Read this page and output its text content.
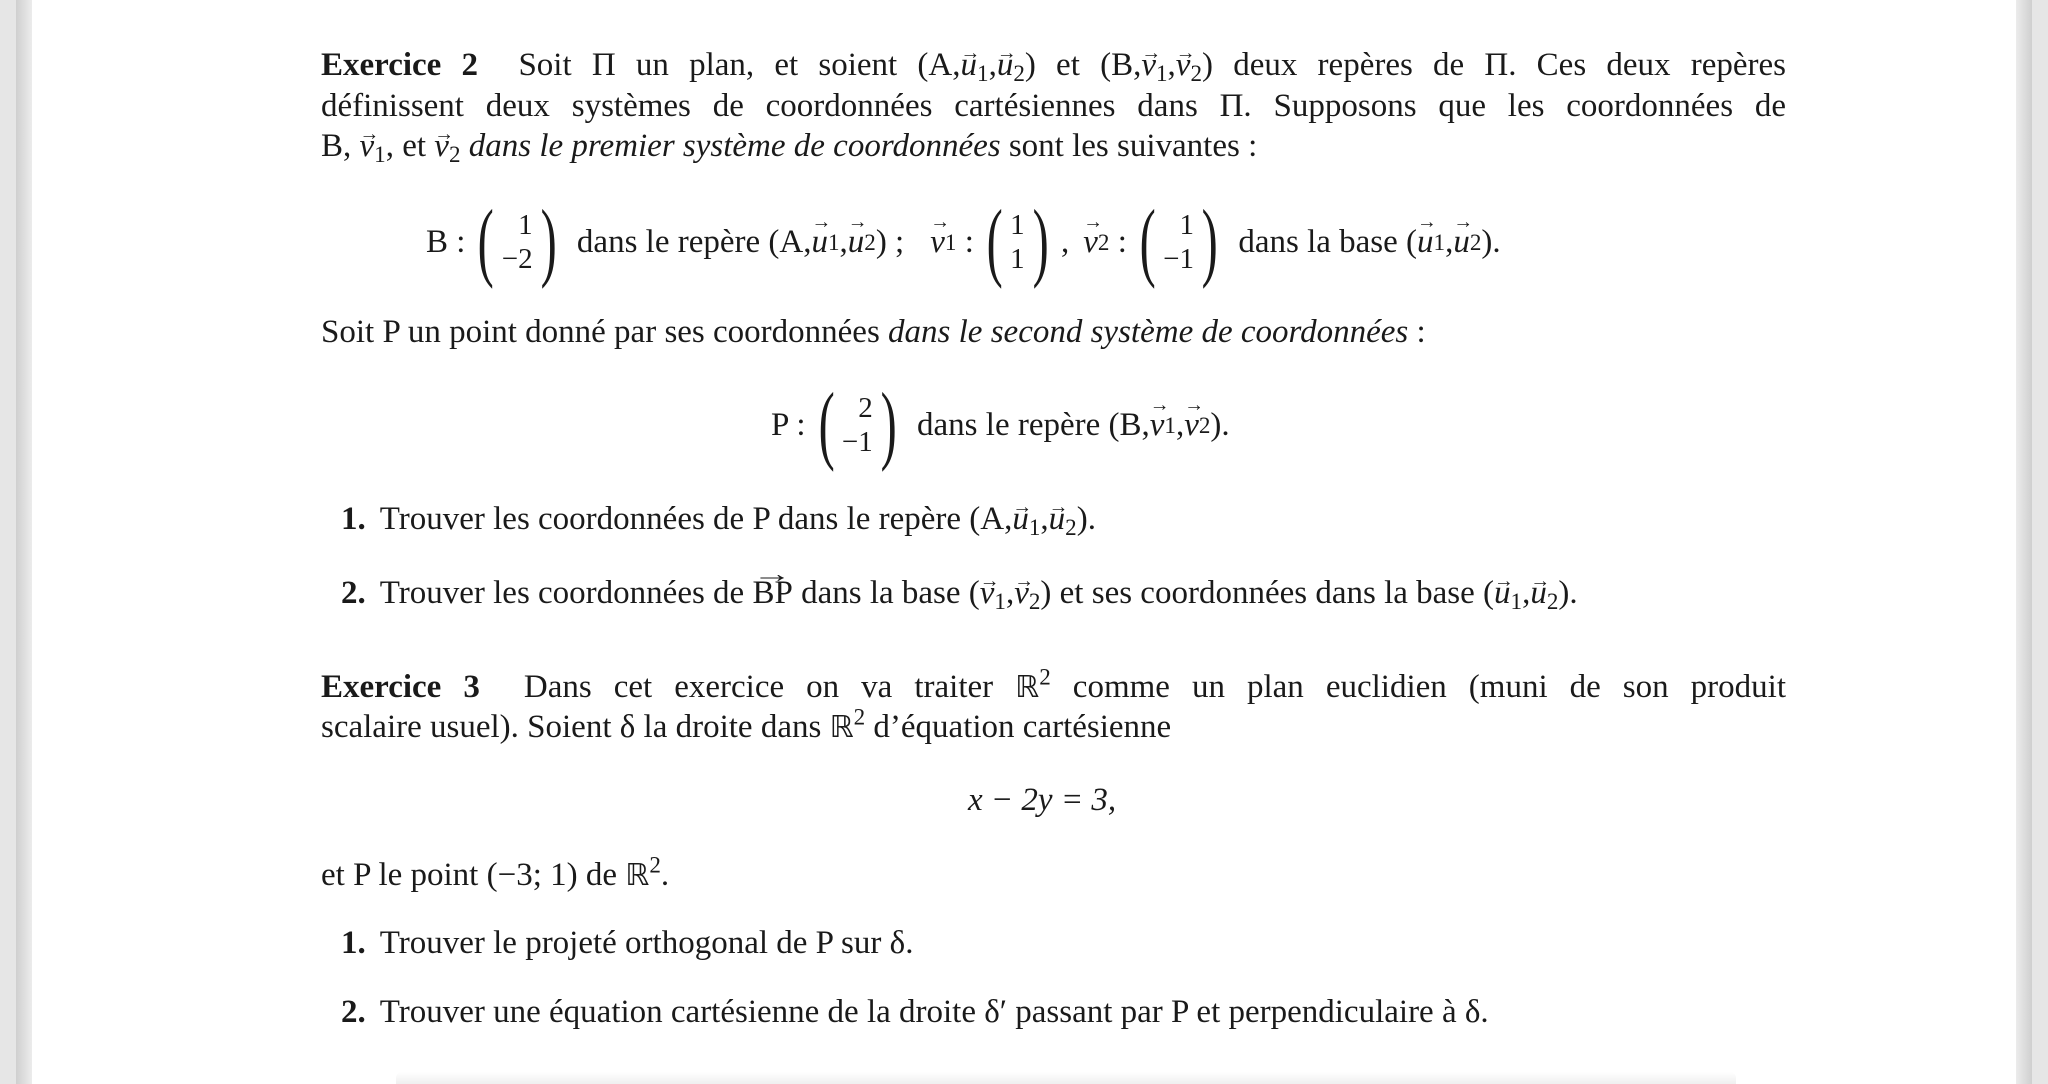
Exercice 2 Soit Π un plan, et soient $(A,\to u_1,\to u_2)$ et $(B,\to v_1,\to v_2)$ deux repères de Π. Ces deux repères
définissent deux systèmes de coordonnées cartésiennes dans Π. Supposons que les coordonnées de
B, → $v_1$, et → $v_2$ dans le premier système de coordonnées sont les suivantes :
B : ( 1
−2 ) dans le repère (A, → u 1 , → u 2 ) ; → v 1
: ( 1
1 ) , → v 2
: ( 1
−1 ) dans la base ( → u 1 , → u 2 ).
Soit P un point donné par ses coordonnées dans le second système de coordonnées :
P : ( 2
−1 ) dans le repère (B, → v 1 , → v 2 ).
1. Trouver les coordonnées de P dans le repère $(A,\to u_1,\to u_2)$.
2. Trouver les coordonnées de → BP dans la base (→ $v_1,\to v_2$) et ses coordonnées dans la base (→ $u_1,\to u_2$).
Exercice 3 Dans cet exercice on va traiter ℝ$^2$ comme un plan euclidien (muni de son produit
scalaire usuel). Soient δ la droite dans ℝ$^2$ d’équation cartésienne
x − 2y = 3,
et P le point (−3; 1) de ℝ$^2$.
1. Trouver le projeté orthogonal de P sur δ.
2. Trouver une équation cartésienne de la droite δ′ passant par P et perpendiculaire à δ.
